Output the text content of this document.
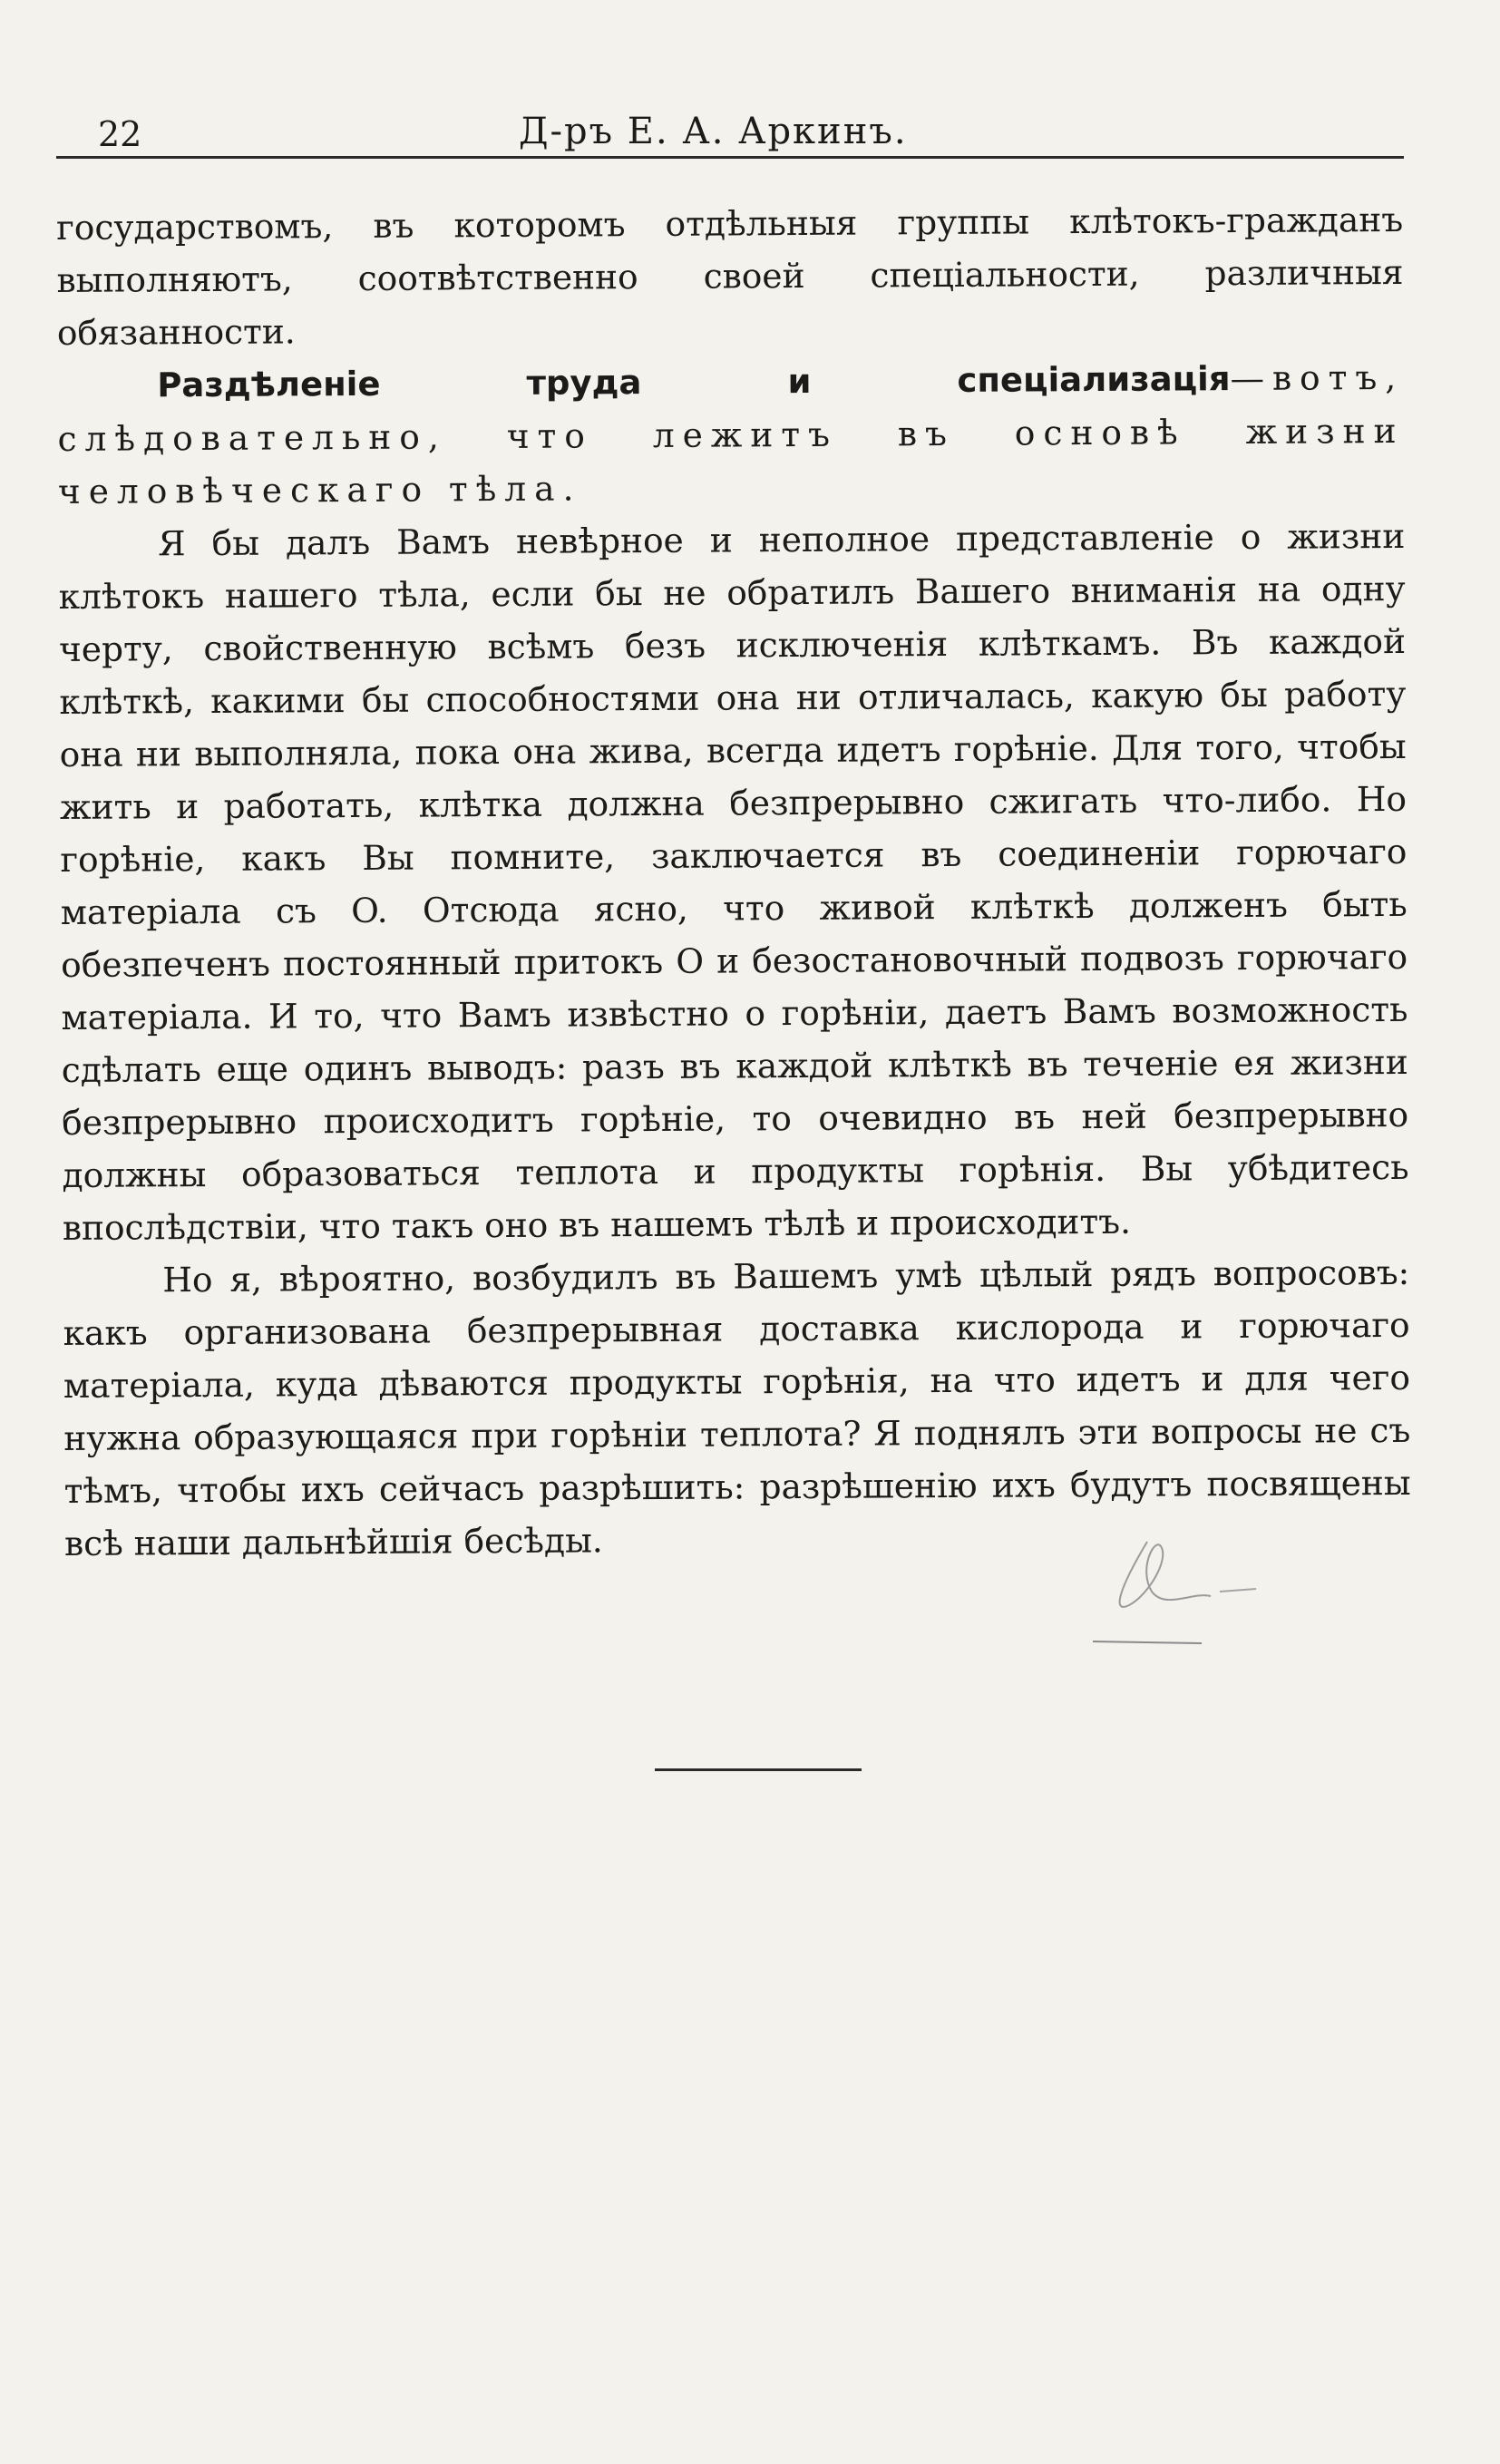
22	Д-ръ Е. А. Аркинъ.

государствомъ, въ которомъ отдѣльныя группы клѣтокъ-гражданъ выполняютъ, соотвѣтственно своей спеціальности, различныя обязанности.

Раздѣленіе труда и спеціализація—вотъ, слѣдовательно, что лежитъ въ основѣ жизни человѣческаго тѣла.

Я бы далъ Вамъ невѣрное и неполное представленіе о жизни клѣтокъ нашего тѣла, если бы не обратилъ Вашего вниманія на одну черту, свойственную всѣмъ безъ исключенія клѣткамъ. Въ каждой клѣткѣ, какими бы способностями она ни отличалась, какую бы работу она ни выполняла, пока она жива, всегда идетъ горѣніе. Для того, чтобы жить и работать, клѣтка должна безпрерывно сжигать что-либо. Но горѣніе, какъ Вы помните, заключается въ соединеніи горючаго матеріала съ O. Отсюда ясно, что живой клѣткѣ долженъ быть обезпеченъ постоянный притокъ O и безостановочный подвозъ горючаго матеріала. И то, что Вамъ извѣстно о горѣніи, даетъ Вамъ возможность сдѣлать еще одинъ выводъ: разъ въ каждой клѣткѣ въ теченіе ея жизни безпрерывно происходитъ горѣніе, то очевидно въ ней безпрерывно должны образоваться теплота и продукты горѣнія. Вы убѣдитесь впослѣдствіи, что такъ оно въ нашемъ тѣлѣ и происходитъ.

Но я, вѣроятно, возбудилъ въ Вашемъ умѣ цѣлый рядъ вопросовъ: какъ организована безпрерывная доставка кислорода и горючаго матеріала, куда дѣваются продукты горѣнія, на что идетъ и для чего нужна образующаяся при горѣніи теплота? Я поднялъ эти вопросы не съ тѣмъ, чтобы ихъ сейчасъ разрѣшить: разрѣшенію ихъ будутъ посвящены всѣ наши дальнѣйшія бесѣды.
